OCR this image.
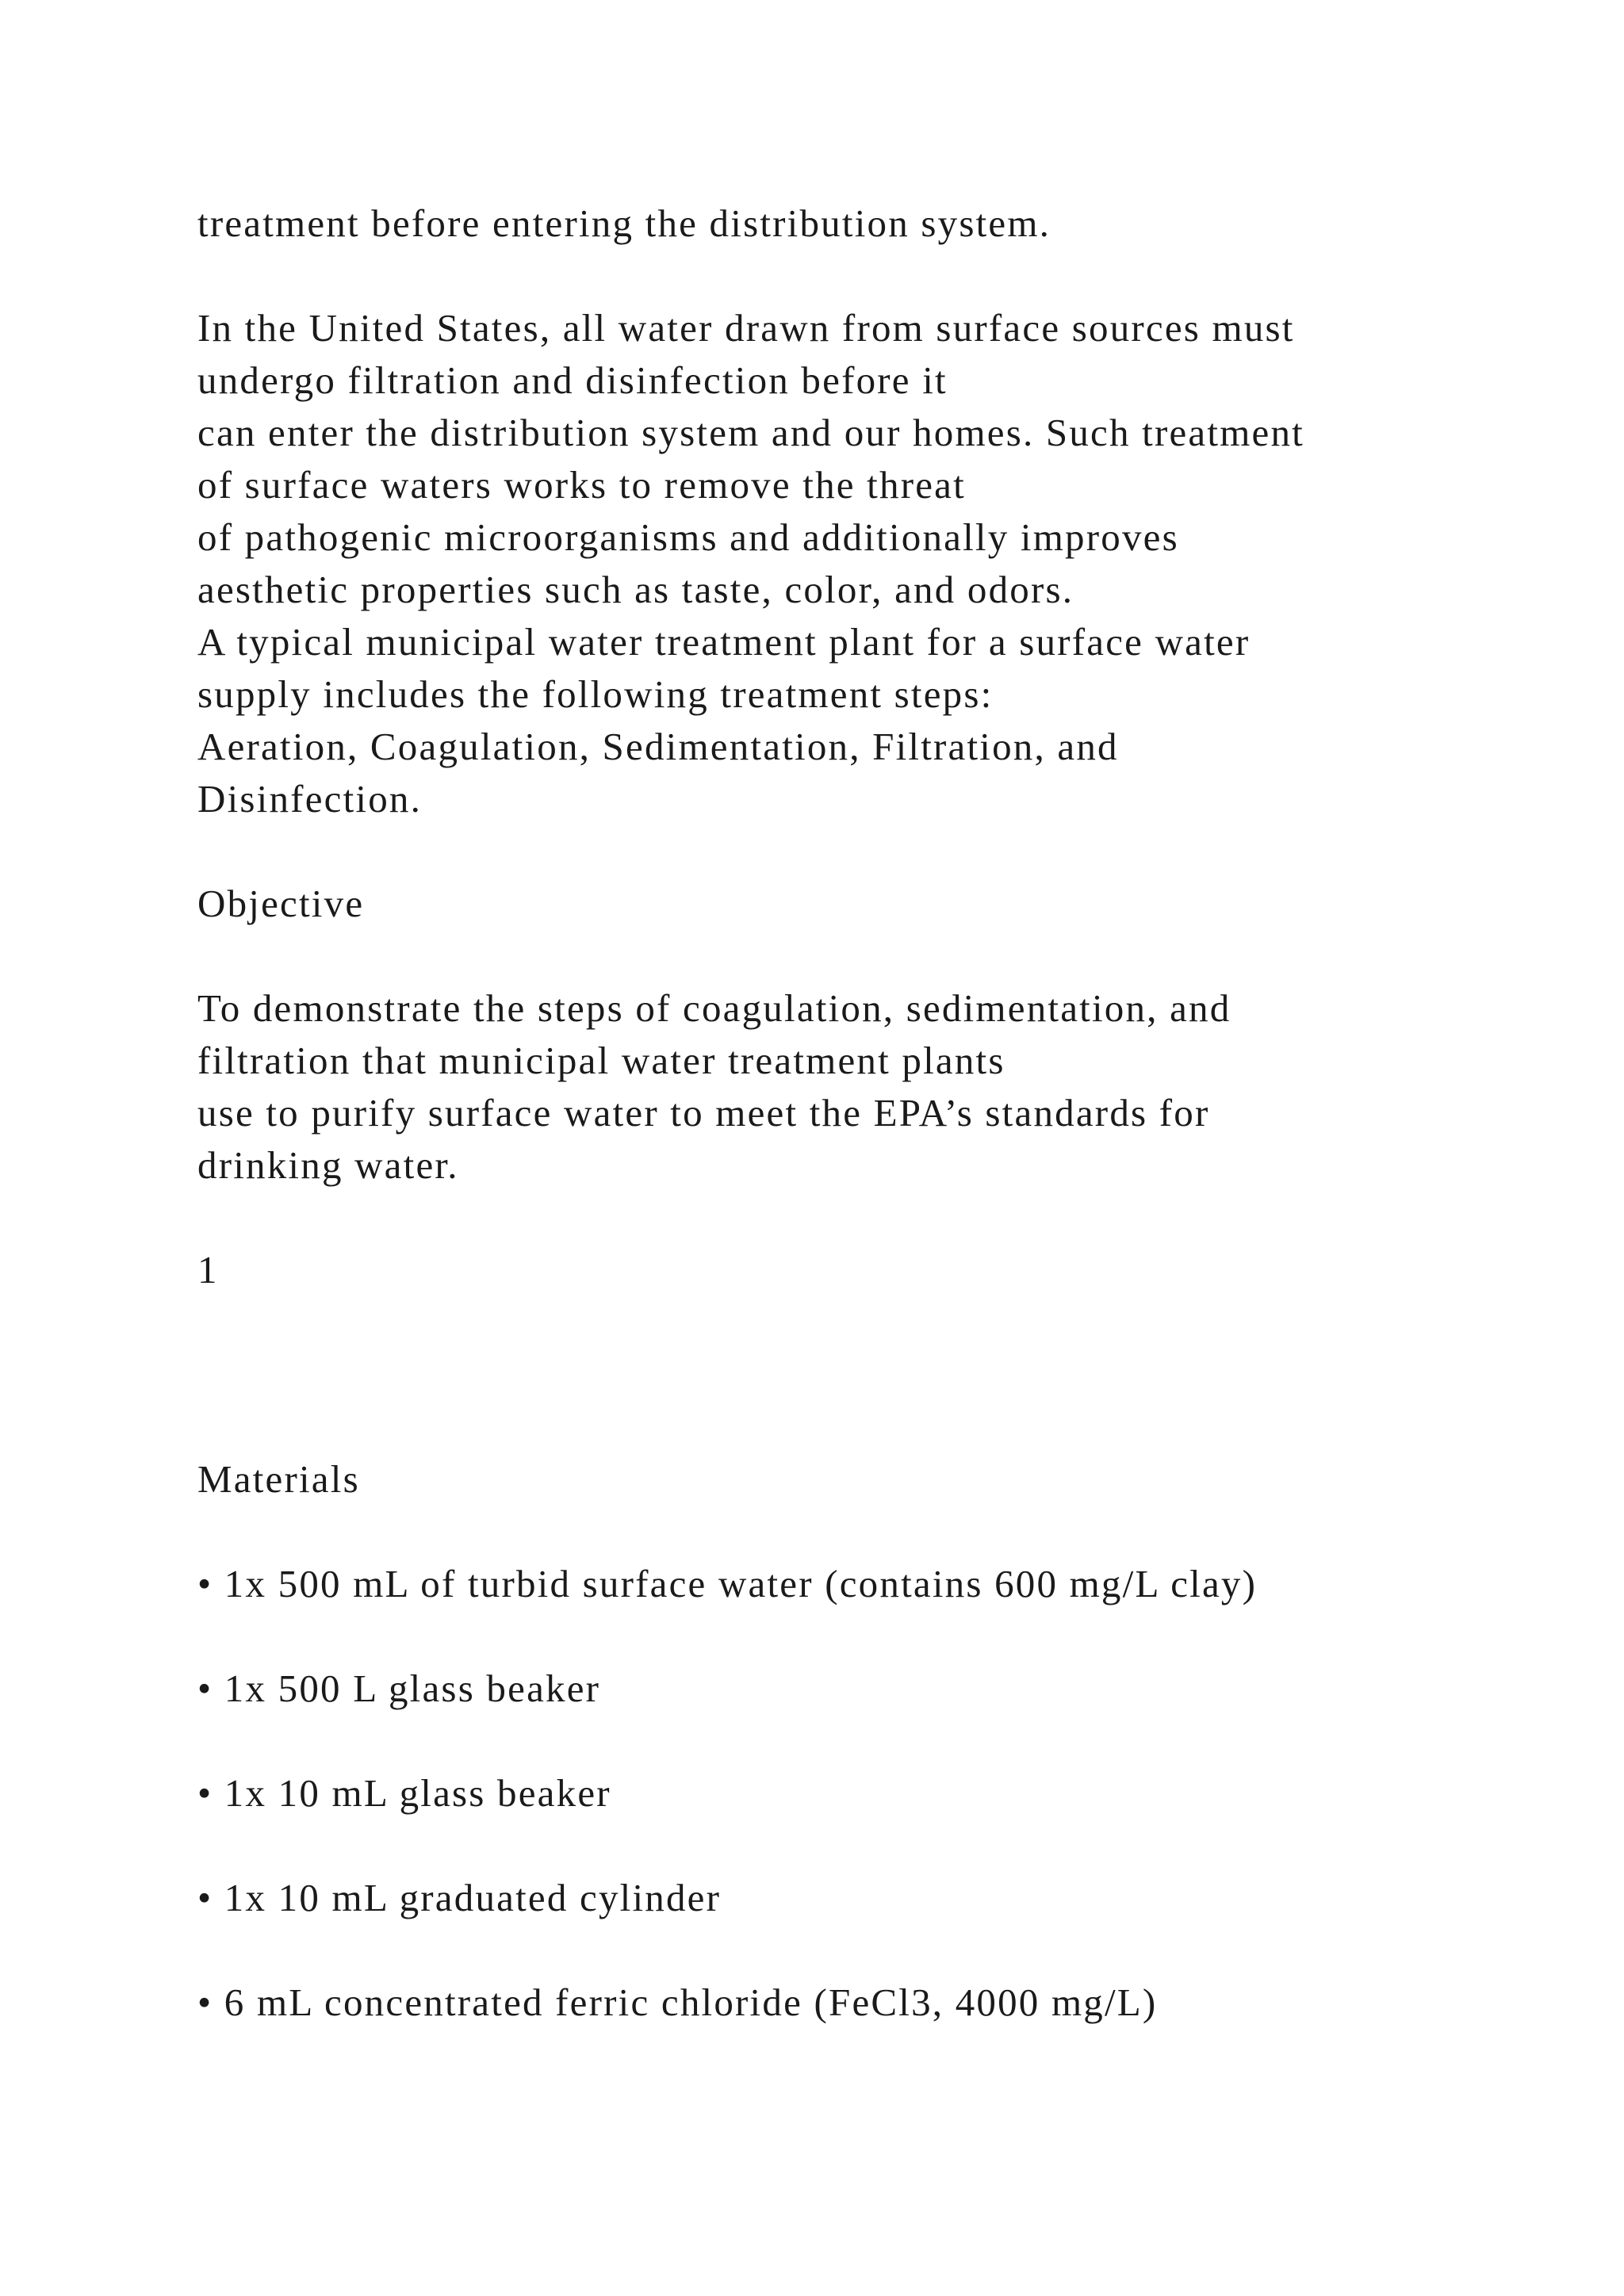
treatment before entering the distribution system.

In the United States, all water drawn from surface sources must

undergo filtration and disinfection before it

can enter the distribution system and our homes. Such treatment

of surface waters works to remove the threat

of pathogenic microorganisms and additionally improves

aesthetic properties such as taste, color, and odors.

A typical municipal water treatment plant for a surface water

supply includes the following treatment steps:

Aeration, Coagulation, Sedimentation, Filtration, and

Disinfection.

Objective

To demonstrate the steps of coagulation, sedimentation, and

filtration that municipal water treatment plants

use to purify surface water to meet the EPA’s standards for

drinking water.

1

Materials

• 1x 500 mL of turbid surface water (contains 600 mg/L clay)

• 1x 500 L glass beaker

• 1x 10 mL glass beaker

• 1x 10 mL graduated cylinder

• 6 mL concentrated ferric chloride (FeCl3, 4000 mg/L)
